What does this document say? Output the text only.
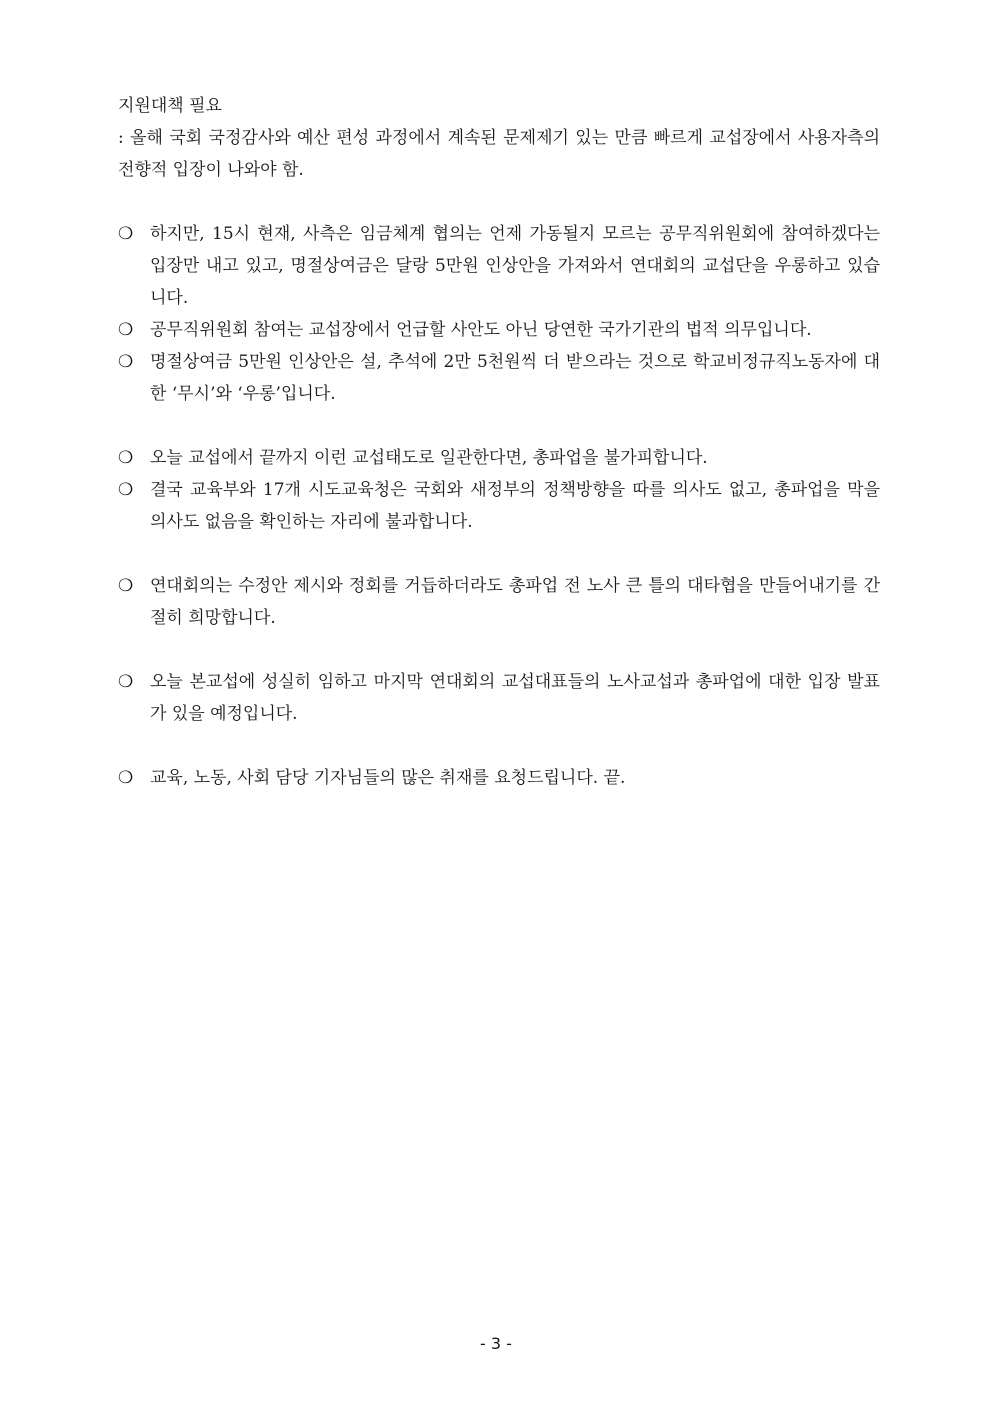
지원대책 필요

: 올해 국회 국정감사와 예산 편성 과정에서 계속된 문제제기 있는 만큼 빠르게 교섭장에서 사용자측의 전향적 입장이 나와야 함.

❍ 하지만, 15시 현재, 사측은 임금체계 협의는 언제 가동될지 모르는 공무직위원회에 참여하겠다는 입장만 내고 있고, 명절상여금은 달랑 5만원 인상안을 가져와서 연대회의 교섭단을 우롱하고 있습니다.
❍ 공무직위원회 참여는 교섭장에서 언급할 사안도 아닌 당연한 국가기관의 법적 의무입니다.
❍ 명절상여금 5만원 인상안은 설, 추석에 2만 5천원씩 더 받으라는 것으로 학교비정규직노동자에 대한 ‘무시’와 ‘우롱’입니다.
❍ 오늘 교섭에서 끝까지 이런 교섭태도로 일관한다면, 총파업을 불가피합니다.
❍ 결국 교육부와 17개 시도교육청은 국회와 새정부의 정책방향을 따를 의사도 없고, 총파업을 막을 의사도 없음을 확인하는 자리에 불과합니다.
❍ 연대회의는 수정안 제시와 정회를 거듭하더라도 총파업 전 노사 큰 틀의 대타협을 만들어내기를 간절히 희망합니다.
❍ 오늘 본교섭에 성실히 임하고 마지막 연대회의 교섭대표들의 노사교섭과 총파업에 대한 입장 발표가 있을 예정입니다.
❍ 교육, 노동, 사회 담당 기자님들의 많은 취재를 요청드립니다. 끝.
- 3 -
